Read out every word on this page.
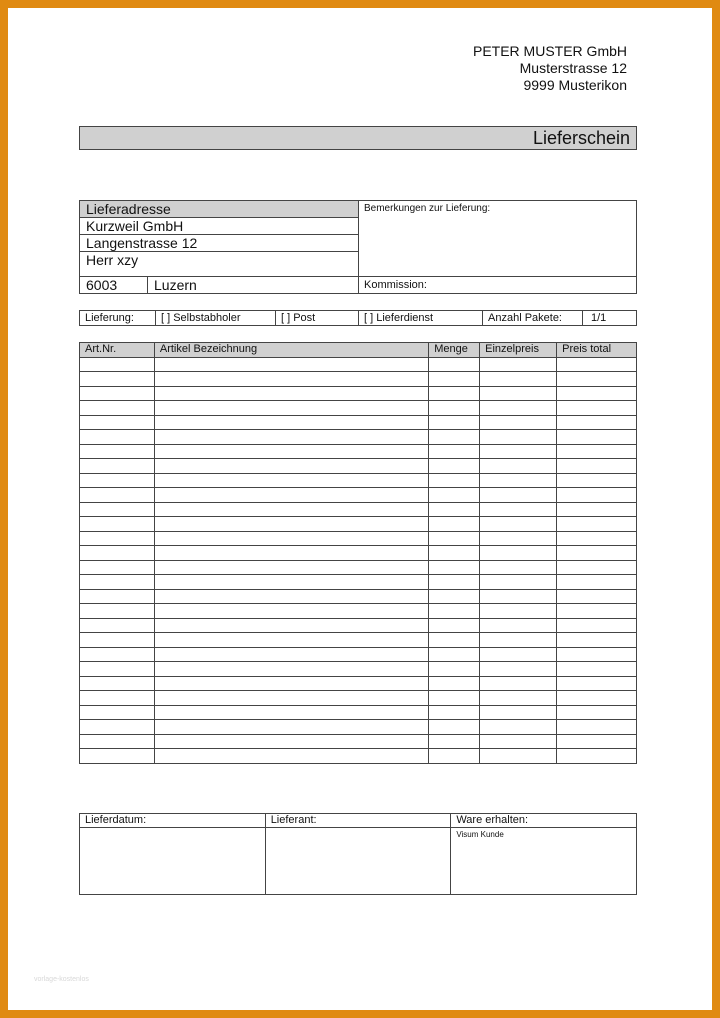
PETER MUSTER GmbH
Musterstrasse 12
9999 Musterikon
Lieferschein
Lieferadresse
Kurzweil GmbH
Langenstrasse 12
Herr xzy
6003	Luzern
Bemerkungen zur Lieferung:
Kommission:
Lieferung:	[ ] Selbstabholer	[ ] Post	[ ] Lieferdienst	Anzahl Pakete:	1/1
Art.Nr.	Artikel Bezeichnung	Menge	Einzelpreis	Preis total

Lieferdatum:	Lieferant:	Ware erhalten:
		Visum Kunde
vorlage-kostenlos
